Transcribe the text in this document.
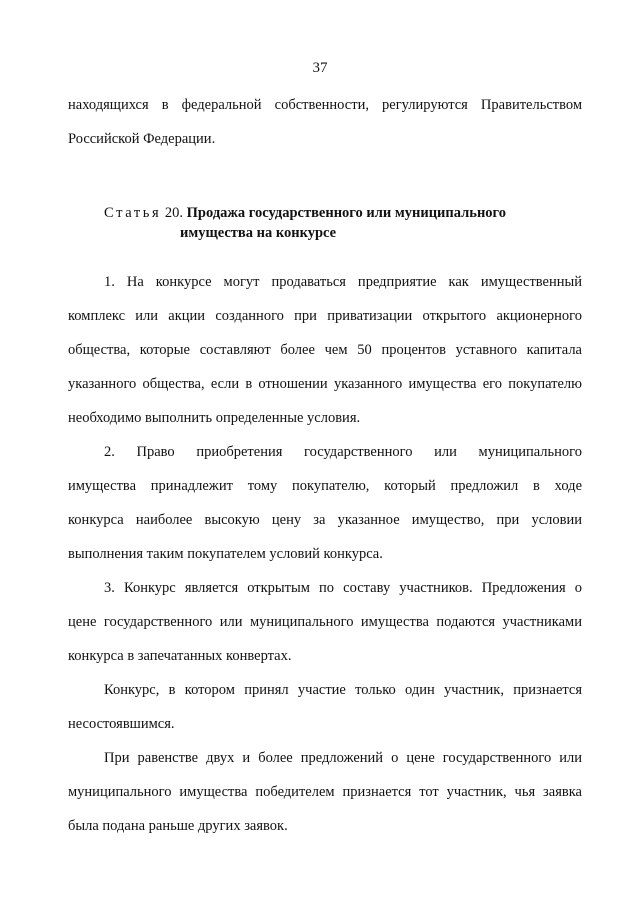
37

находящихся в федеральной собственности, регулируются Правительством

Российской Федерации.

Статья 20. Продажа государственного или муниципального
имущества на конкурсе

1. На конкурсе могут продаваться предприятие как имущественный

комплекс или акции созданного при приватизации открытого акционерного

общества, которые составляют более чем 50 процентов уставного капитала

указанного общества, если в отношении указанного имущества его покупателю

необходимо выполнить определенные условия.

2. Право приобретения государственного или муниципального

имущества принадлежит тому покупателю, который предложил в ходе

конкурса наиболее высокую цену за указанное имущество, при условии

выполнения таким покупателем условий конкурса.

3. Конкурс является открытым по составу участников. Предложения о

цене государственного или муниципального имущества подаются участниками

конкурса в запечатанных конвертах.

Конкурс, в котором принял участие только один участник, признается

несостоявшимся.

При равенстве двух и более предложений о цене государственного или

муниципального имущества победителем признается тот участник, чья заявка

была подана раньше других заявок.
